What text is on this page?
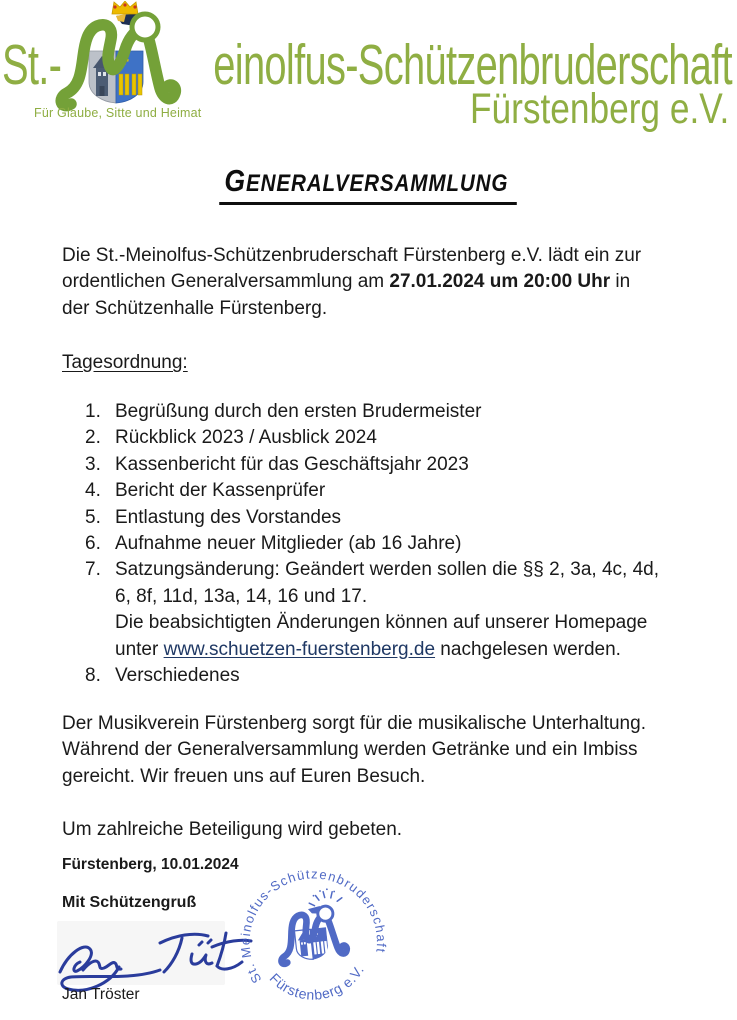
St.-	einolfus-Schützenbruderschaft
Fürstenberg e.V.
Für Glaube, Sitte und Heimat
GENERALVERSAMMLUNG
Die St.-Meinolfus-Schützenbruderschaft Fürstenberg e.V. lädt ein zur
ordentlichen Generalversammlung am 27.01.2024 um 20:00 Uhr in
der Schützenhalle Fürstenberg.
Tagesordnung:
1. Begrüßung durch den ersten Brudermeister
2. Rückblick 2023 / Ausblick 2024
3. Kassenbericht für das Geschäftsjahr 2023
4. Bericht der Kassenprüfer
5. Entlastung des Vorstandes
6. Aufnahme neuer Mitglieder (ab 16 Jahre)
7. Satzungsänderung: Geändert werden sollen die §§ 2, 3a, 4c, 4d,
6, 8f, 11d, 13a, 14, 16 und 17.
Die beabsichtigten Änderungen können auf unserer Homepage
unter www.schuetzen-fuerstenberg.de nachgelesen werden.
8. Verschiedenes
Der Musikverein Fürstenberg sorgt für die musikalische Unterhaltung.
Während der Generalversammlung werden Getränke und ein Imbiss
gereicht. Wir freuen uns auf Euren Besuch.
Um zahlreiche Beteiligung wird gebeten.
Fürstenberg, 10.01.2024
Mit Schützengruß
Jan Tröster
St. Meinolfus-Schützenbruderschaft
Fürstenberg e.V.
